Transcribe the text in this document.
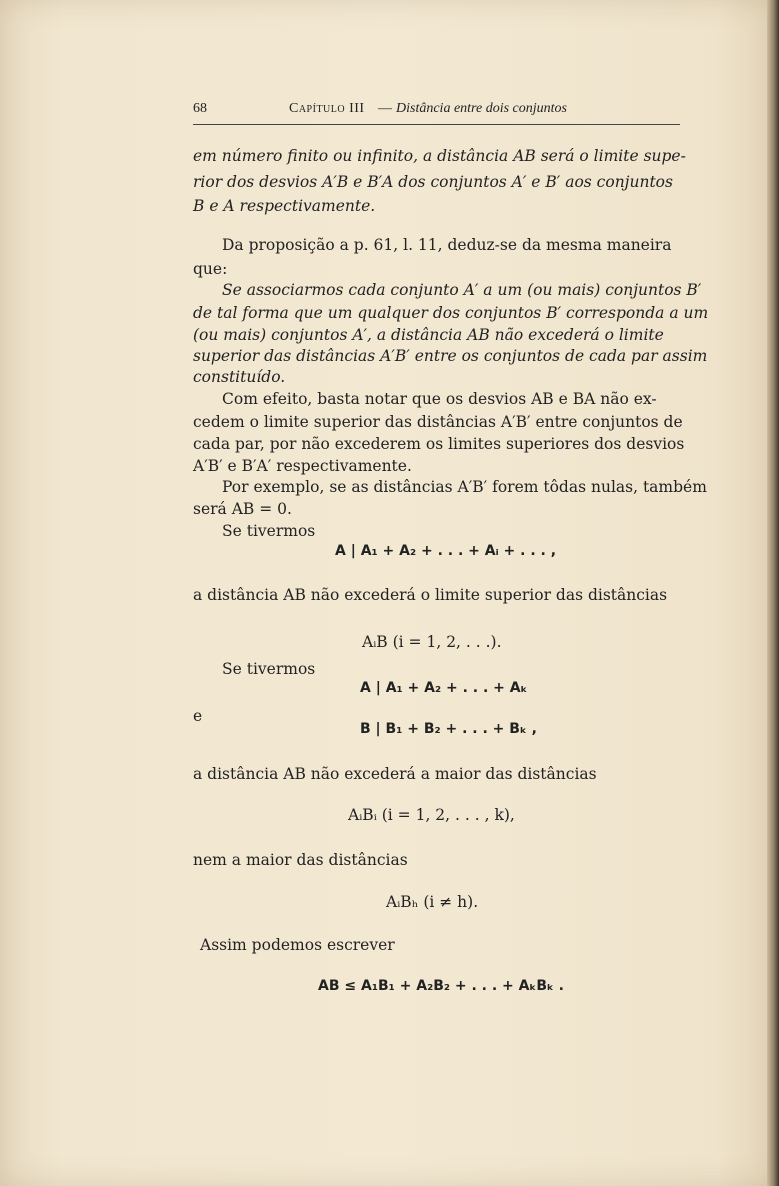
68	Capítulo III — Distância entre dois conjuntos
em número finito ou infinito, a distância AB será o limite supe-
rior dos desvios A′B e B′A dos conjuntos A′ e B′ aos conjuntos
B e A respectivamente.
Da proposição a p. 61, l. 11, deduz-se da mesma maneira
que:
Se associarmos cada conjunto A′ a um (ou mais) conjuntos B′
de tal forma que um qualquer dos conjuntos B′ corresponda a um
(ou mais) conjuntos A′, a distância AB não excederá o limite
superior das distâncias A′B′ entre os conjuntos de cada par assim
constituído.
Com efeito, basta notar que os desvios AB e BA não ex-
cedem o limite superior das distâncias A′B′ entre conjuntos de
cada par, por não excederem os limites superiores dos desvios
A′B′ e B′A′ respectivamente.
Por exemplo, se as distâncias A′B′ forem tôdas nulas, também
será AB = 0.
Se tivermos
A | A₁ + A₂ + . . . + Aᵢ + . . . ,
a distância AB não excederá o limite superior das distâncias
AᵢB (i = 1, 2, . . .).
Se tivermos
A | A₁ + A₂ + . . . + Aₖ
e
B | B₁ + B₂ + . . . + Bₖ ,
a distância AB não excederá a maior das distâncias
AᵢBᵢ (i = 1, 2, . . . , k),
nem a maior das distâncias
AᵢBₕ (i ≠ h).
Assim podemos escrever
AB ≤ A₁B₁ + A₂B₂ + . . . + AₖBₖ .
